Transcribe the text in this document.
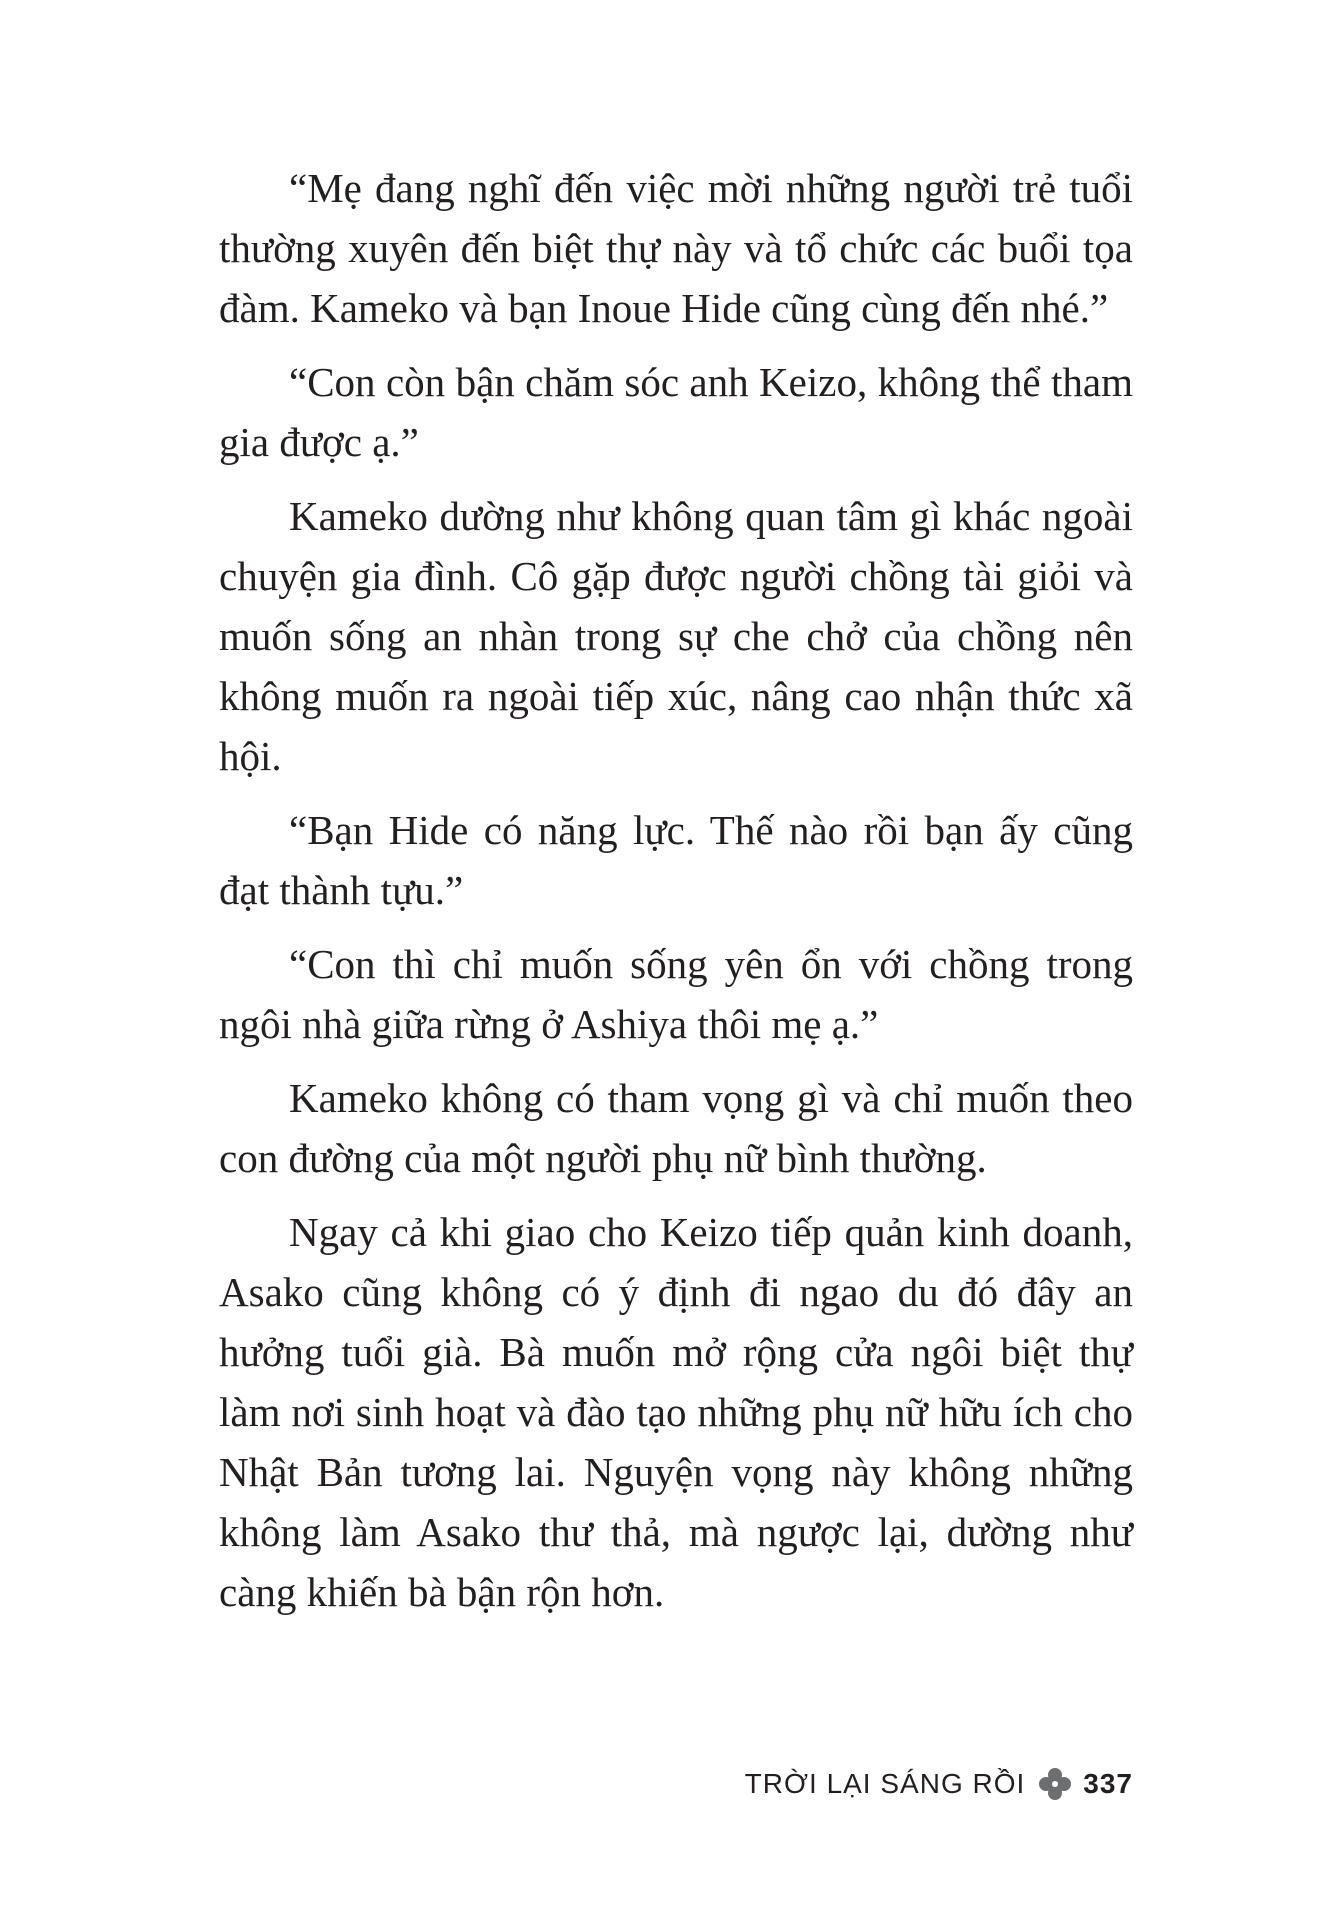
“Mẹ đang nghĩ đến việc mời những người trẻ tuổi thường xuyên đến biệt thự này và tổ chức các buổi tọa đàm. Kameko và bạn Inoue Hide cũng cùng đến nhé.”

“Con còn bận chăm sóc anh Keizo, không thể tham gia được ạ.”

Kameko dường như không quan tâm gì khác ngoài chuyện gia đình. Cô gặp được người chồng tài giỏi và muốn sống an nhàn trong sự che chở của chồng nên không muốn ra ngoài tiếp xúc, nâng cao nhận thức xã hội.

“Bạn Hide có năng lực. Thế nào rồi bạn ấy cũng đạt thành tựu.”

“Con thì chỉ muốn sống yên ổn với chồng trong ngôi nhà giữa rừng ở Ashiya thôi mẹ ạ.”

Kameko không có tham vọng gì và chỉ muốn theo con đường của một người phụ nữ bình thường.

Ngay cả khi giao cho Keizo tiếp quản kinh doanh, Asako cũng không có ý định đi ngao du đó đây an hưởng tuổi già. Bà muốn mở rộng cửa ngôi biệt thự làm nơi sinh hoạt và đào tạo những phụ nữ hữu ích cho Nhật Bản tương lai. Nguyện vọng này không những không làm Asako thư thả, mà ngược lại, dường như càng khiến bà bận rộn hơn.

TRỜI LẠI SÁNG RỒI 337
